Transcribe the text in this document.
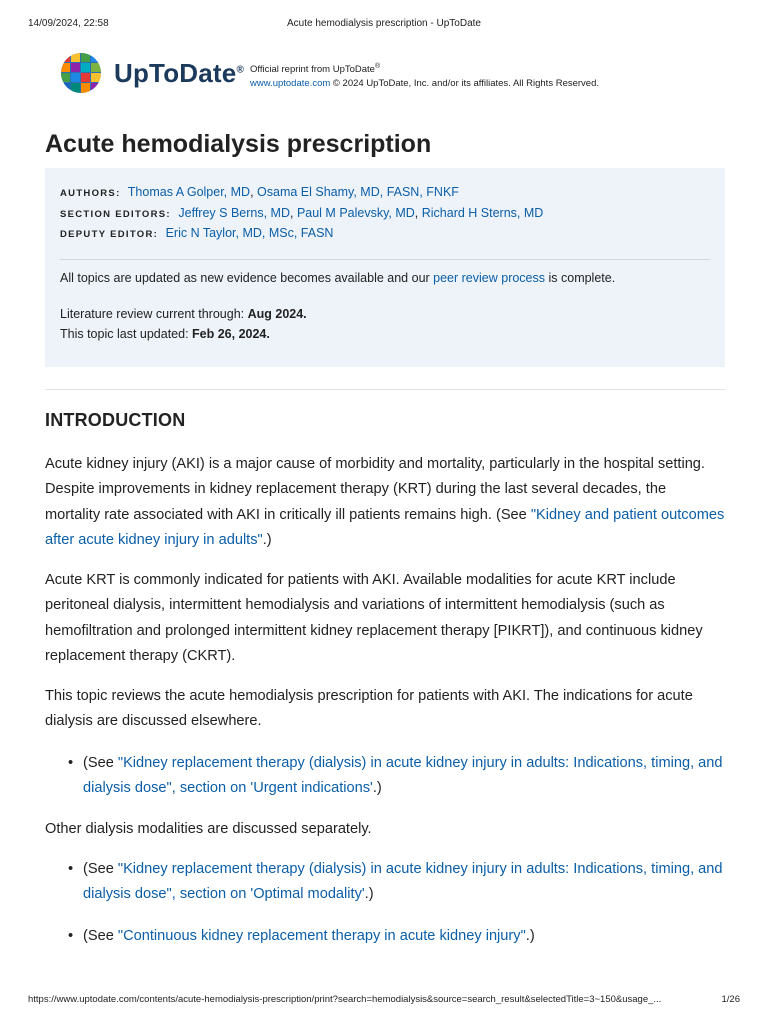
14/09/2024, 22:58	Acute hemodialysis prescription - UpToDate
UpToDate® Official reprint from UpToDate®
www.uptodate.com © 2024 UpToDate, Inc. and/or its affiliates. All Rights Reserved.
Acute hemodialysis prescription
AUTHORS: Thomas A Golper, MD, Osama El Shamy, MD, FASN, FNKF
SECTION EDITORS: Jeffrey S Berns, MD, Paul M Palevsky, MD, Richard H Sterns, MD
DEPUTY EDITOR: Eric N Taylor, MD, MSc, FASN
All topics are updated as new evidence becomes available and our peer review process is complete.
Literature review current through: Aug 2024.
This topic last updated: Feb 26, 2024.
INTRODUCTION

Acute kidney injury (AKI) is a major cause of morbidity and mortality, particularly in the hospital setting. Despite improvements in kidney replacement therapy (KRT) during the last several decades, the mortality rate associated with AKI in critically ill patients remains high. (See "Kidney and patient outcomes after acute kidney injury in adults".)

Acute KRT is commonly indicated for patients with AKI. Available modalities for acute KRT include peritoneal dialysis, intermittent hemodialysis and variations of intermittent hemodialysis (such as hemofiltration and prolonged intermittent kidney replacement therapy [PIKRT]), and continuous kidney replacement therapy (CKRT).

This topic reviews the acute hemodialysis prescription for patients with AKI. The indications for acute dialysis are discussed elsewhere.

• (See "Kidney replacement therapy (dialysis) in acute kidney injury in adults: Indications, timing, and dialysis dose", section on 'Urgent indications'.)

Other dialysis modalities are discussed separately.

• (See "Kidney replacement therapy (dialysis) in acute kidney injury in adults: Indications, timing, and dialysis dose", section on 'Optimal modality'.)
• (See "Continuous kidney replacement therapy in acute kidney injury".)
https://www.uptodate.com/contents/acute-hemodialysis-prescription/print?search=hemodialysis&source=search_result&selectedTitle=3~150&usage_...	1/26
